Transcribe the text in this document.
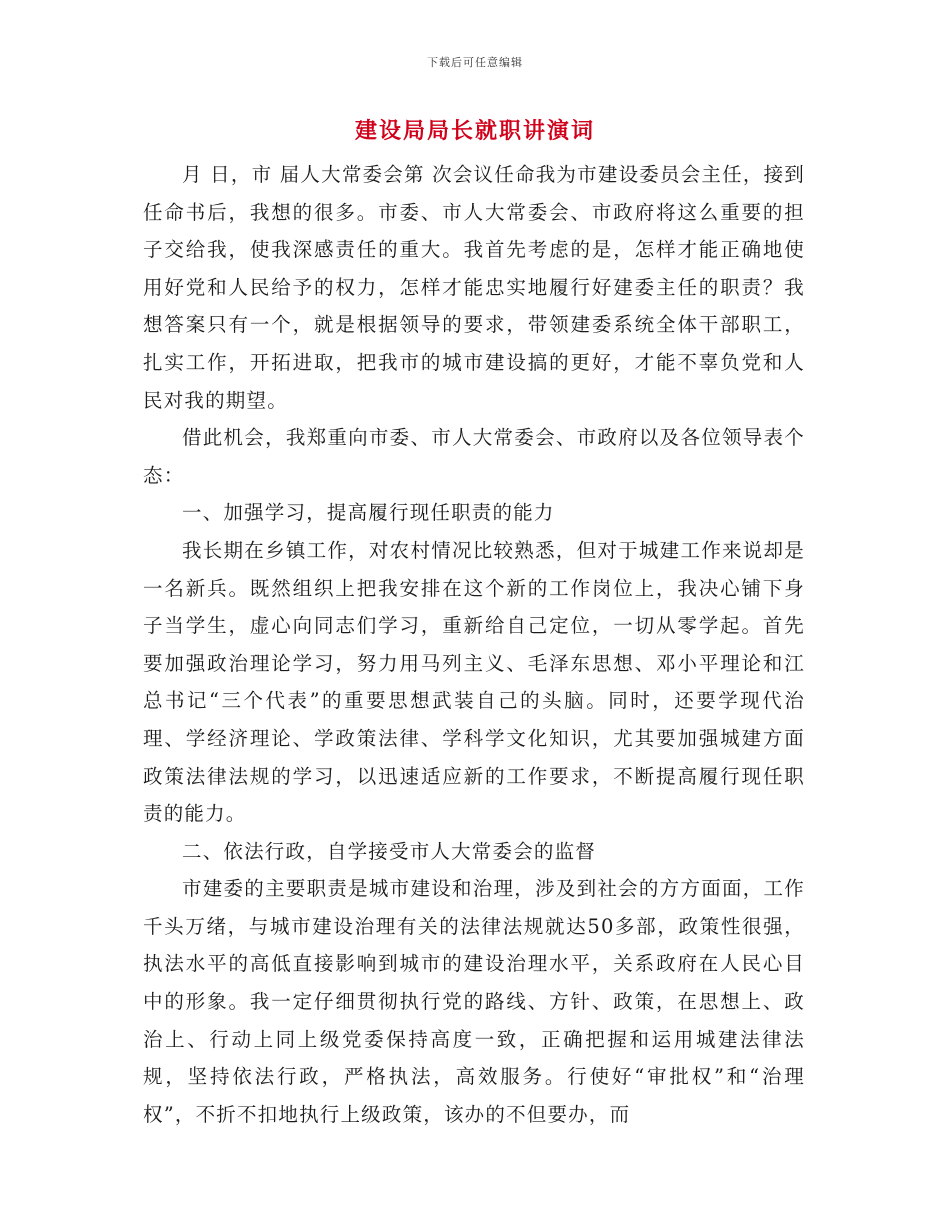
下载后可任意编辑
建设局局长就职讲演词

月 日，市 届人大常委会第 次会议任命我为市建设委员会主任，接到任命书后，我想的很多。市委、市人大常委会、市政府将这么重要的担子交给我，使我深感责任的重大。我首先考虑的是，怎样才能正确地使用好党和人民给予的权力，怎样才能忠实地履行好建委主任的职责？我想答案只有一个，就是根据领导的要求，带领建委系统全体干部职工，扎实工作，开拓进取，把我市的城市建设搞的更好，才能不辜负党和人民对我的期望。

借此机会，我郑重向市委、市人大常委会、市政府以及各位领导表个态：

一、加强学习，提高履行现任职责的能力

我长期在乡镇工作，对农村情况比较熟悉，但对于城建工作来说却是一名新兵。既然组织上把我安排在这个新的工作岗位上，我决心铺下身子当学生，虚心向同志们学习，重新给自己定位，一切从零学起。首先要加强政治理论学习，努力用马列主义、毛泽东思想、邓小平理论和江总书记“三个代表”的重要思想武装自己的头脑。同时，还要学现代治理、学经济理论、学政策法律、学科学文化知识，尤其要加强城建方面政策法律法规的学习，以迅速适应新的工作要求，不断提高履行现任职责的能力。

二、依法行政，自学接受市人大常委会的监督

市建委的主要职责是城市建设和治理，涉及到社会的方方面面，工作千头万绪，与城市建设治理有关的法律法规就达50多部，政策性很强，执法水平的高低直接影响到城市的建设治理水平，关系政府在人民心目中的形象。我一定仔细贯彻执行党的路线、方针、政策，在思想上、政治上、行动上同上级党委保持高度一致，正确把握和运用城建法律法规，坚持依法行政，严格执法，高效服务。行使好“审批权”和“治理权”，不折不扣地执行上级政策，该办的不但要办，而
